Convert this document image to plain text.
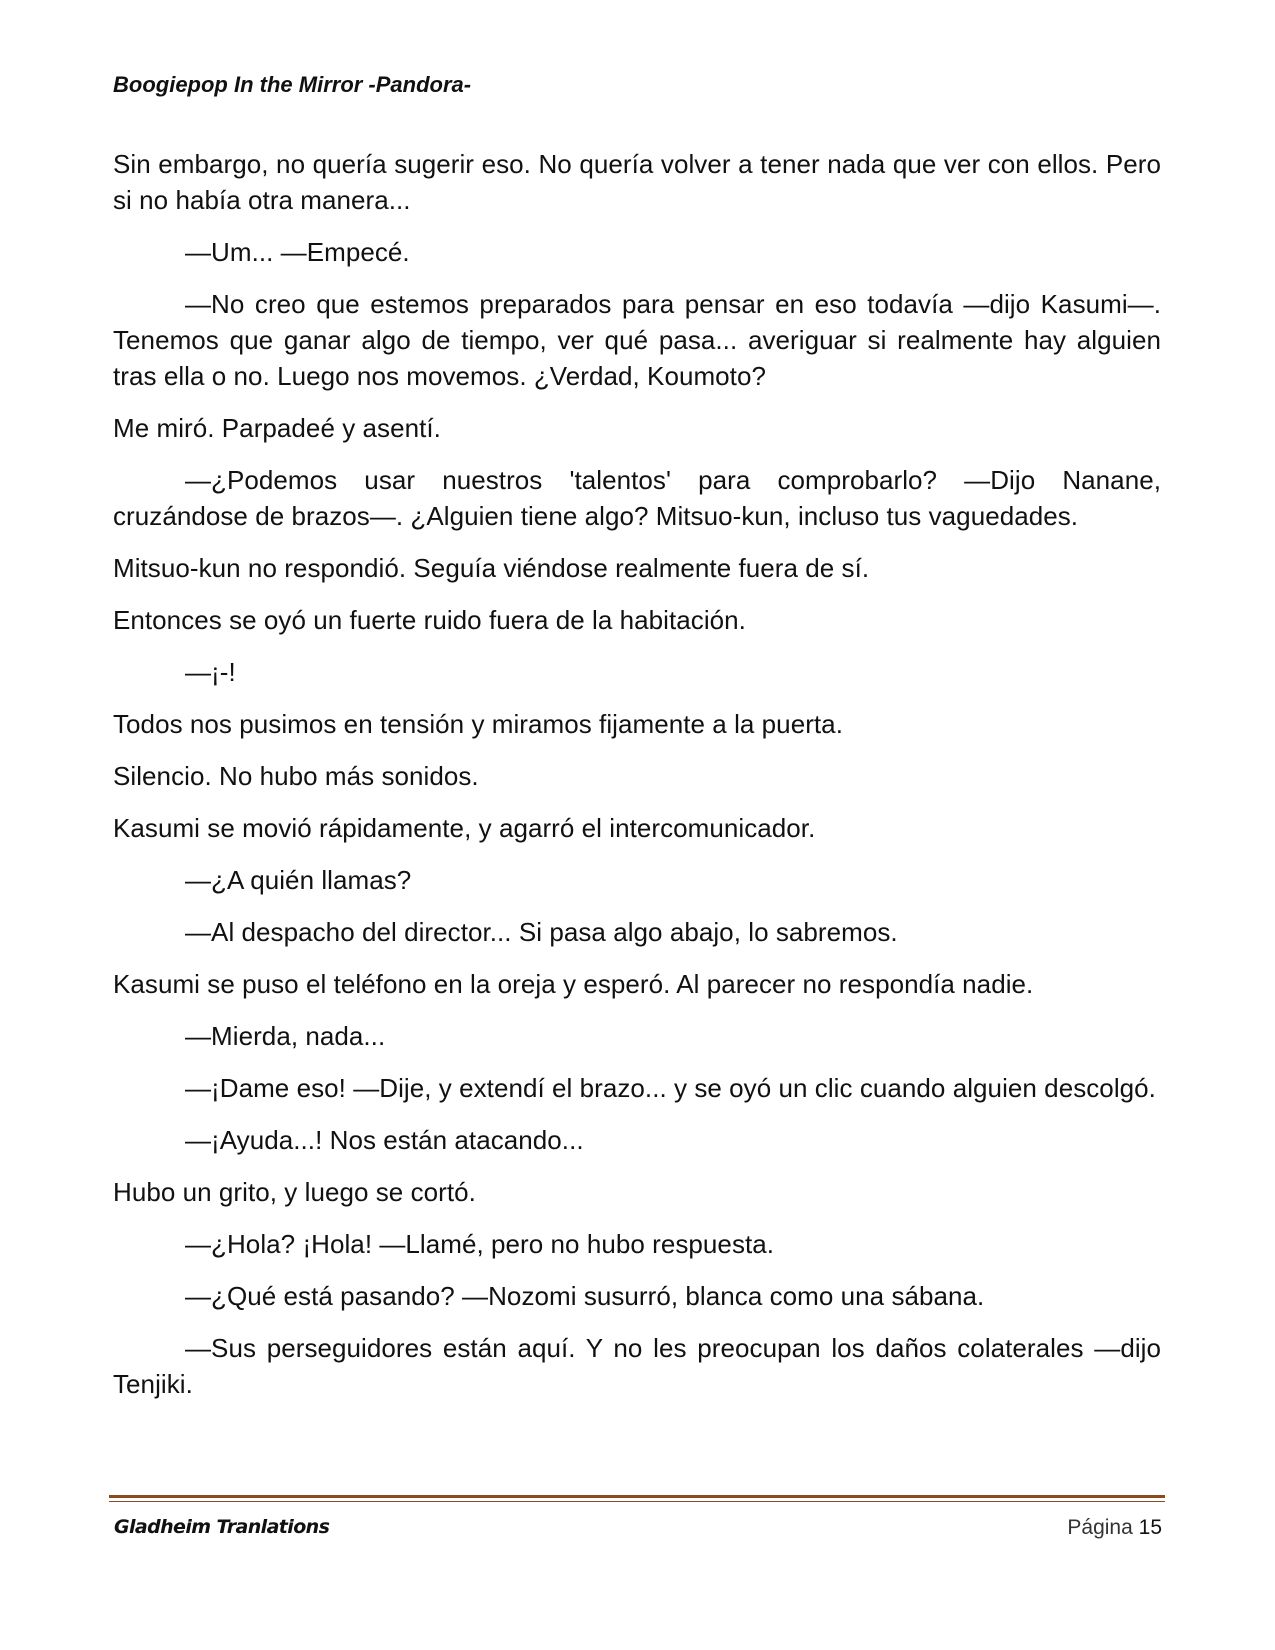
Boogiepop In the Mirror -Pandora-

Sin embargo, no quería sugerir eso. No quería volver a tener nada que ver con ellos. Pero si no había otra manera...

—Um... —Empecé.

—No creo que estemos preparados para pensar en eso todavía —dijo Kasumi—. Tenemos que ganar algo de tiempo, ver qué pasa... averiguar si realmente hay alguien tras ella o no. Luego nos movemos. ¿Verdad, Koumoto?

Me miró. Parpadeé y asentí.

—¿Podemos usar nuestros 'talentos' para comprobarlo? —Dijo Nanane, cruzándose de brazos—. ¿Alguien tiene algo? Mitsuo-kun, incluso tus vaguedades.

Mitsuo-kun no respondió. Seguía viéndose realmente fuera de sí.

Entonces se oyó un fuerte ruido fuera de la habitación.

—¡-!

Todos nos pusimos en tensión y miramos fijamente a la puerta.

Silencio. No hubo más sonidos.

Kasumi se movió rápidamente, y agarró el intercomunicador.

—¿A quién llamas?

—Al despacho del director... Si pasa algo abajo, lo sabremos.

Kasumi se puso el teléfono en la oreja y esperó. Al parecer no respondía nadie.

—Mierda, nada...

—¡Dame eso! —Dije, y extendí el brazo... y se oyó un clic cuando alguien descolgó.

—¡Ayuda...! Nos están atacando...

Hubo un grito, y luego se cortó.

—¿Hola? ¡Hola! —Llamé, pero no hubo respuesta.

—¿Qué está pasando? —Nozomi susurró, blanca como una sábana.

—Sus perseguidores están aquí. Y no les preocupan los daños colaterales —dijo Tenjiki.

Gladheim Tranlations	Página 15
